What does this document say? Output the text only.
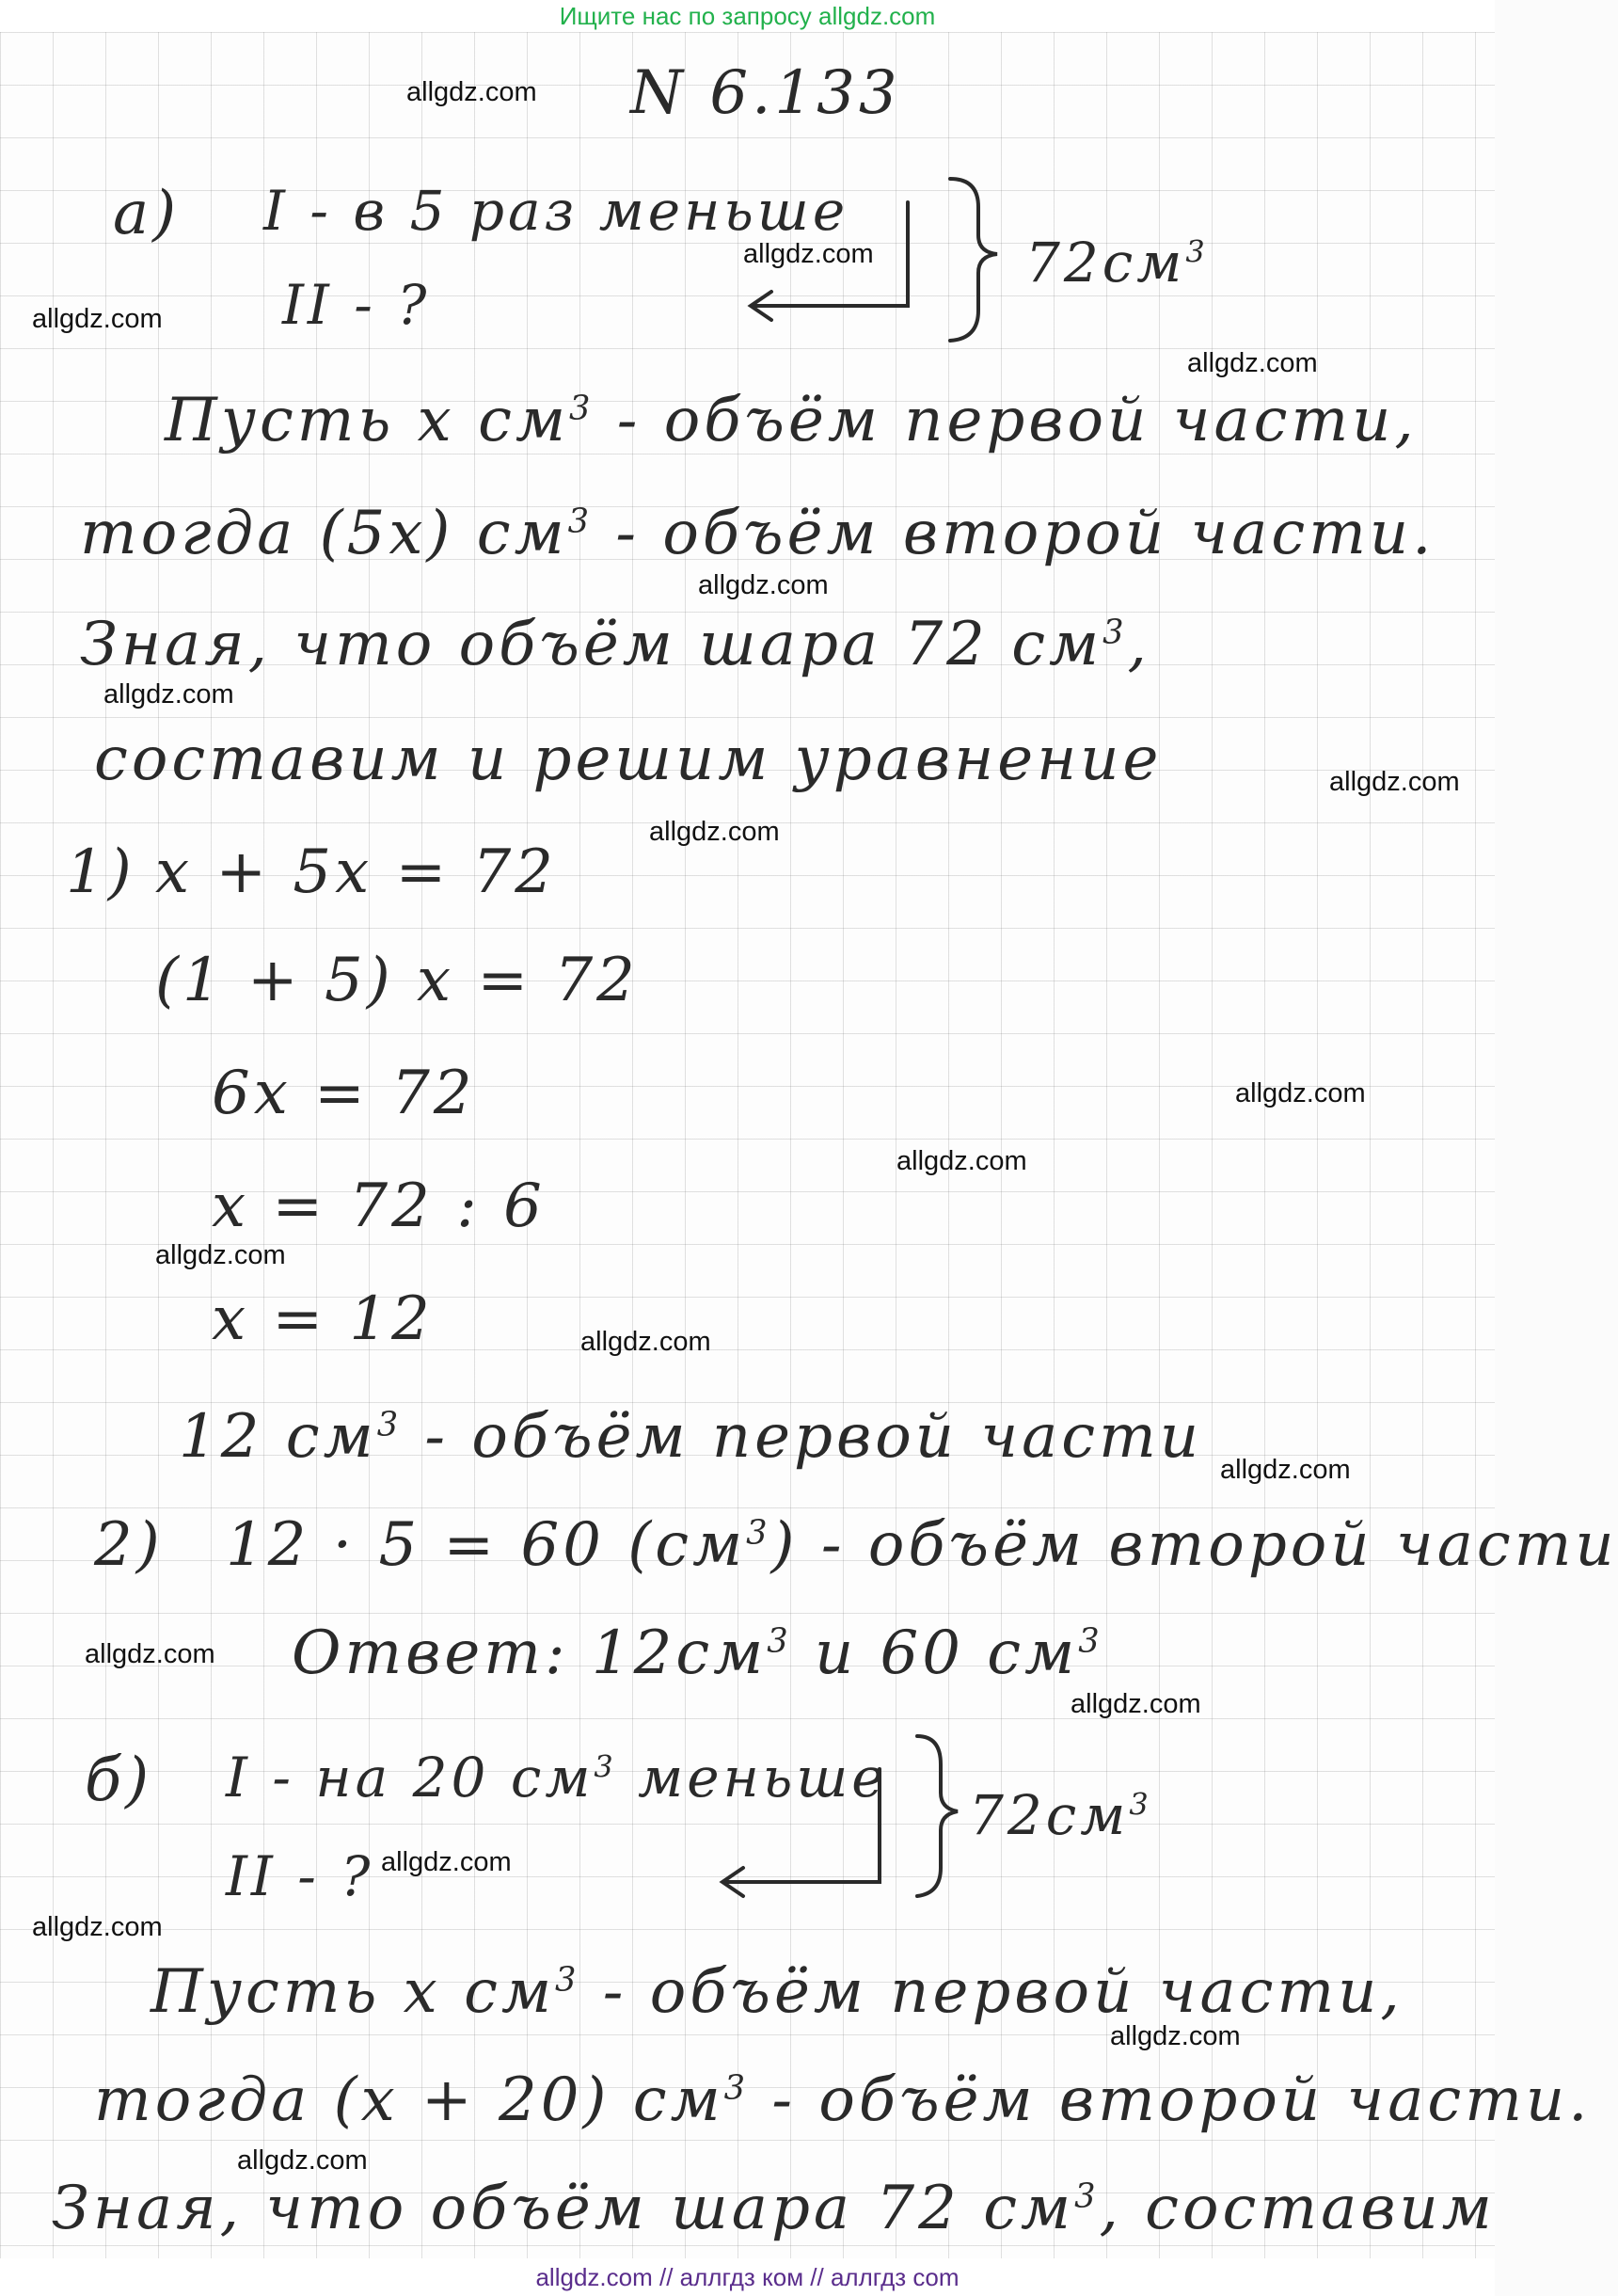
Ищите нас по запросу allgdz.com
N 6.133
а) I - в 5 раз меньше
II - ?
$72см^3$
Пусть х $см^3$ - объём первой части,
тогда (5х) $см^3$ - объём второй части.
Зная, что объём шара 72 $см^3$,
составим и решим уравнение
1) х + 5х = 72
(1 + 5) х = 72
6х = 72
х = 72 : 6
х = 12
12 $см^3$ - объём первой части
2) 12 · 5 = 60 $(см^3)$ - объём второй части
Ответ: $12см^3$ и 60 $см^3$
б) I - на 20 $см^3$ меньше
II - ?
$72см^3$
Пусть х $см^3$ - объём первой части,
тогда (х + 20) $см^3$ - объём второй части.
Зная, что объём шара 72 $см^3$, составим
allgdz.com
allgdz.com
allgdz.com
allgdz.com
allgdz.com
allgdz.com
allgdz.com
allgdz.com
allgdz.com
allgdz.com
allgdz.com
allgdz.com
allgdz.com
allgdz.com
allgdz.com
allgdz.com
allgdz.com
allgdz.com
allgdz.com
allgdz.com // аллгдз ком // аллгдз com
